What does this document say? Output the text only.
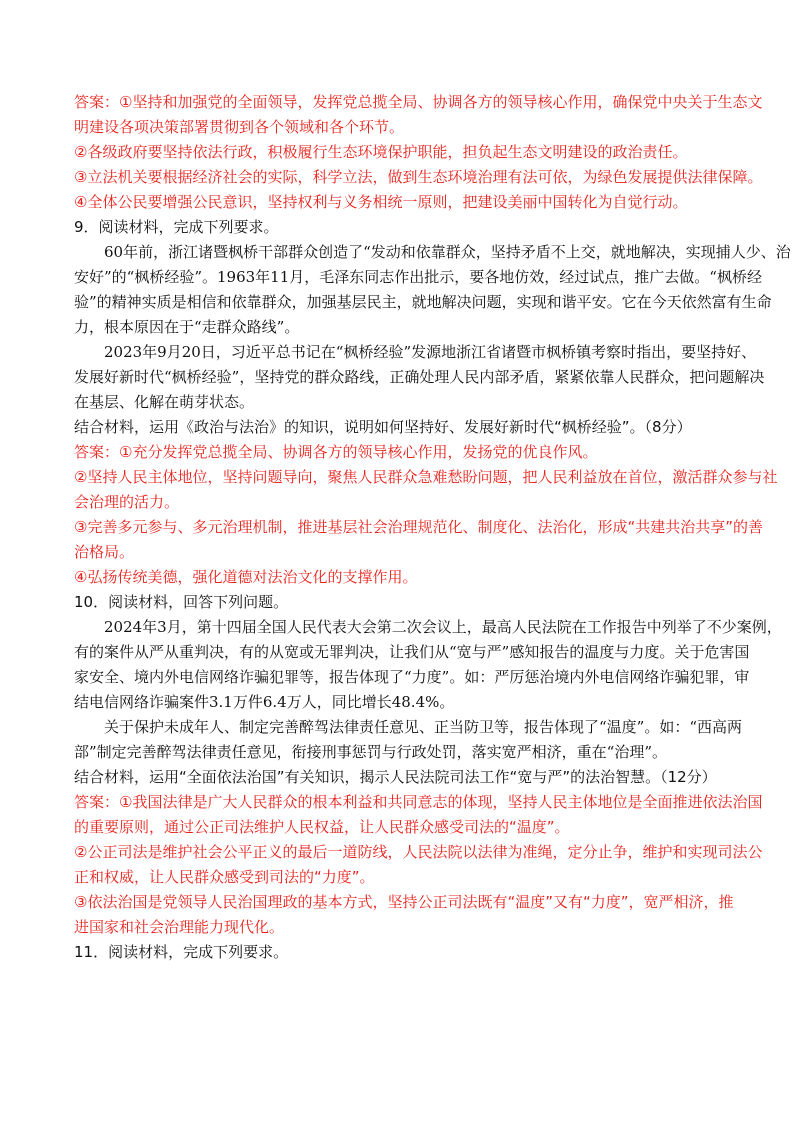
答案：①坚持和加强党的全面领导，发挥党总揽全局、协调各方的领导核心作用，确保党中央关于生态文
明建设各项决策部署贯彻到各个领域和各个环节。
②各级政府要坚持依法行政，积极履行生态环境保护职能，担负起生态文明建设的政治责任。
③立法机关要根据经济社会的实际，科学立法，做到生态环境治理有法可依，为绿色发展提供法律保障。
④全体公民要增强公民意识，坚持权利与义务相统一原则，把建设美丽中国转化为自觉行动。
9．阅读材料，完成下列要求。
60年前，浙江诸暨枫桥干部群众创造了“发动和依靠群众，坚持矛盾不上交，就地解决，实现捕人少、治
安好”的“枫桥经验”。1963年11月，毛泽东同志作出批示，要各地仿效，经过试点，推广去做。“枫桥经
验”的精神实质是相信和依靠群众，加强基层民主，就地解决问题，实现和谐平安。它在今天依然富有生命
力，根本原因在于“走群众路线”。
2023年9月20日，习近平总书记在“枫桥经验”发源地浙江省诸暨市枫桥镇考察时指出，要坚持好、
发展好新时代“枫桥经验”，坚持党的群众路线，正确处理人民内部矛盾，紧紧依靠人民群众，把问题解决
在基层、化解在萌芽状态。
结合材料，运用《政治与法治》的知识，说明如何坚持好、发展好新时代“枫桥经验”。（8分）
答案：①充分发挥党总揽全局、协调各方的领导核心作用，发扬党的优良作风。
②坚持人民主体地位，坚持问题导向，聚焦人民群众急难愁盼问题，把人民利益放在首位，激活群众参与社
会治理的活力。
③完善多元参与、多元治理机制，推进基层社会治理规范化、制度化、法治化，形成“共建共治共享”的善
治格局。
④弘扬传统美德，强化道德对法治文化的支撑作用。
10．阅读材料，回答下列问题。
2024年3月，第十四届全国人民代表大会第二次会议上，最高人民法院在工作报告中列举了不少案例，
有的案件从严从重判决，有的从宽或无罪判决，让我们从“宽与严”感知报告的温度与力度。关于危害国
家安全、境内外电信网络诈骗犯罪等，报告体现了“力度”。如：严厉惩治境内外电信网络诈骗犯罪，审
结电信网络诈骗案件3.1万件6.4万人，同比增长48.4%。
关于保护未成年人、制定完善醉驾法律责任意见、正当防卫等，报告体现了“温度”。如：“西高两
部”制定完善醉驾法律责任意见，衔接刑事惩罚与行政处罚，落实宽严相济，重在“治理”。
结合材料，运用“全面依法治国”有关知识，揭示人民法院司法工作“宽与严”的法治智慧。（12分）
答案：①我国法律是广大人民群众的根本利益和共同意志的体现，坚持人民主体地位是全面推进依法治国
的重要原则，通过公正司法维护人民权益，让人民群众感受司法的“温度”。
②公正司法是维护社会公平正义的最后一道防线，人民法院以法律为准绳，定分止争，维护和实现司法公
正和权威，让人民群众感受到司法的“力度”。
③依法治国是党领导人民治国理政的基本方式，坚持公正司法既有“温度”又有“力度”，宽严相济，推
进国家和社会治理能力现代化。
11．阅读材料，完成下列要求。
